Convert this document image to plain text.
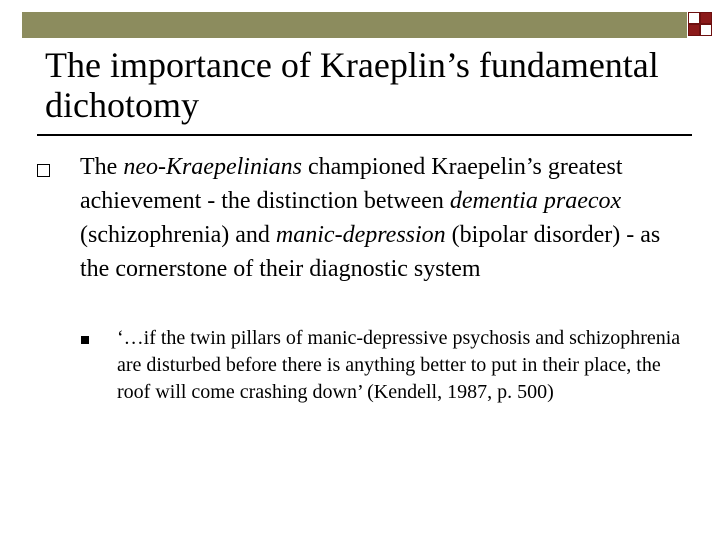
The importance of Kraeplin’s fundamental dichotomy
The neo-Kraepelinians championed Kraepelin’s greatest achievement - the distinction between dementia praecox (schizophrenia) and manic-depression (bipolar disorder) - as the cornerstone of their diagnostic system
‘…if the twin pillars of manic-depressive psychosis and schizophrenia are disturbed before there is anything better to put in their place, the roof will come crashing down’ (Kendell, 1987, p. 500)
